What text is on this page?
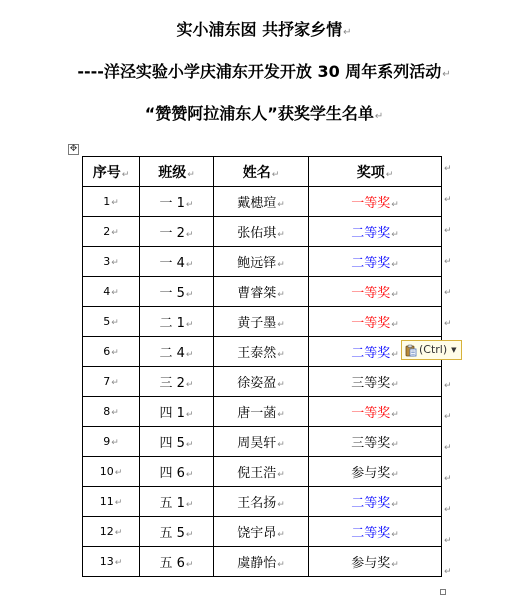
实小浦东囡 共抒家乡情↵
----洋泾实验小学庆浦东开发开放 30 周年系列活动↵
“赞赞阿拉浦东人”获奖学生名单↵
✥
序号↵	班级↵	姓名↵	奖项↵
1↵	一 1↵	戴槵瑄↵	一等奖↵
2↵	一 2↵	张佑琪↵	二等奖↵
3↵	一 4↵	鲍远铎↵	二等奖↵
4↵	一 5↵	曹睿桀↵	一等奖↵
5↵	二 1↵	黄子墨↵	一等奖↵
6↵	二 4↵	王泰然↵	二等奖↵
7↵	三 2↵	徐姿盈↵	三等奖↵
8↵	四 1↵	唐一菡↵	一等奖↵
9↵	四 5↵	周昊轩↵	三等奖↵
10↵	四 6↵	倪王浩↵	参与奖↵
11↵	五 1↵	王名扬↵	二等奖↵
12↵	五 5↵	饶宇昂↵	二等奖↵
13↵	五 6↵	虞静怡↵	参与奖↵
↵
↵
↵
↵
↵
↵
↵
↵
↵
↵
↵
↵
↵
(Ctrl) ▼
